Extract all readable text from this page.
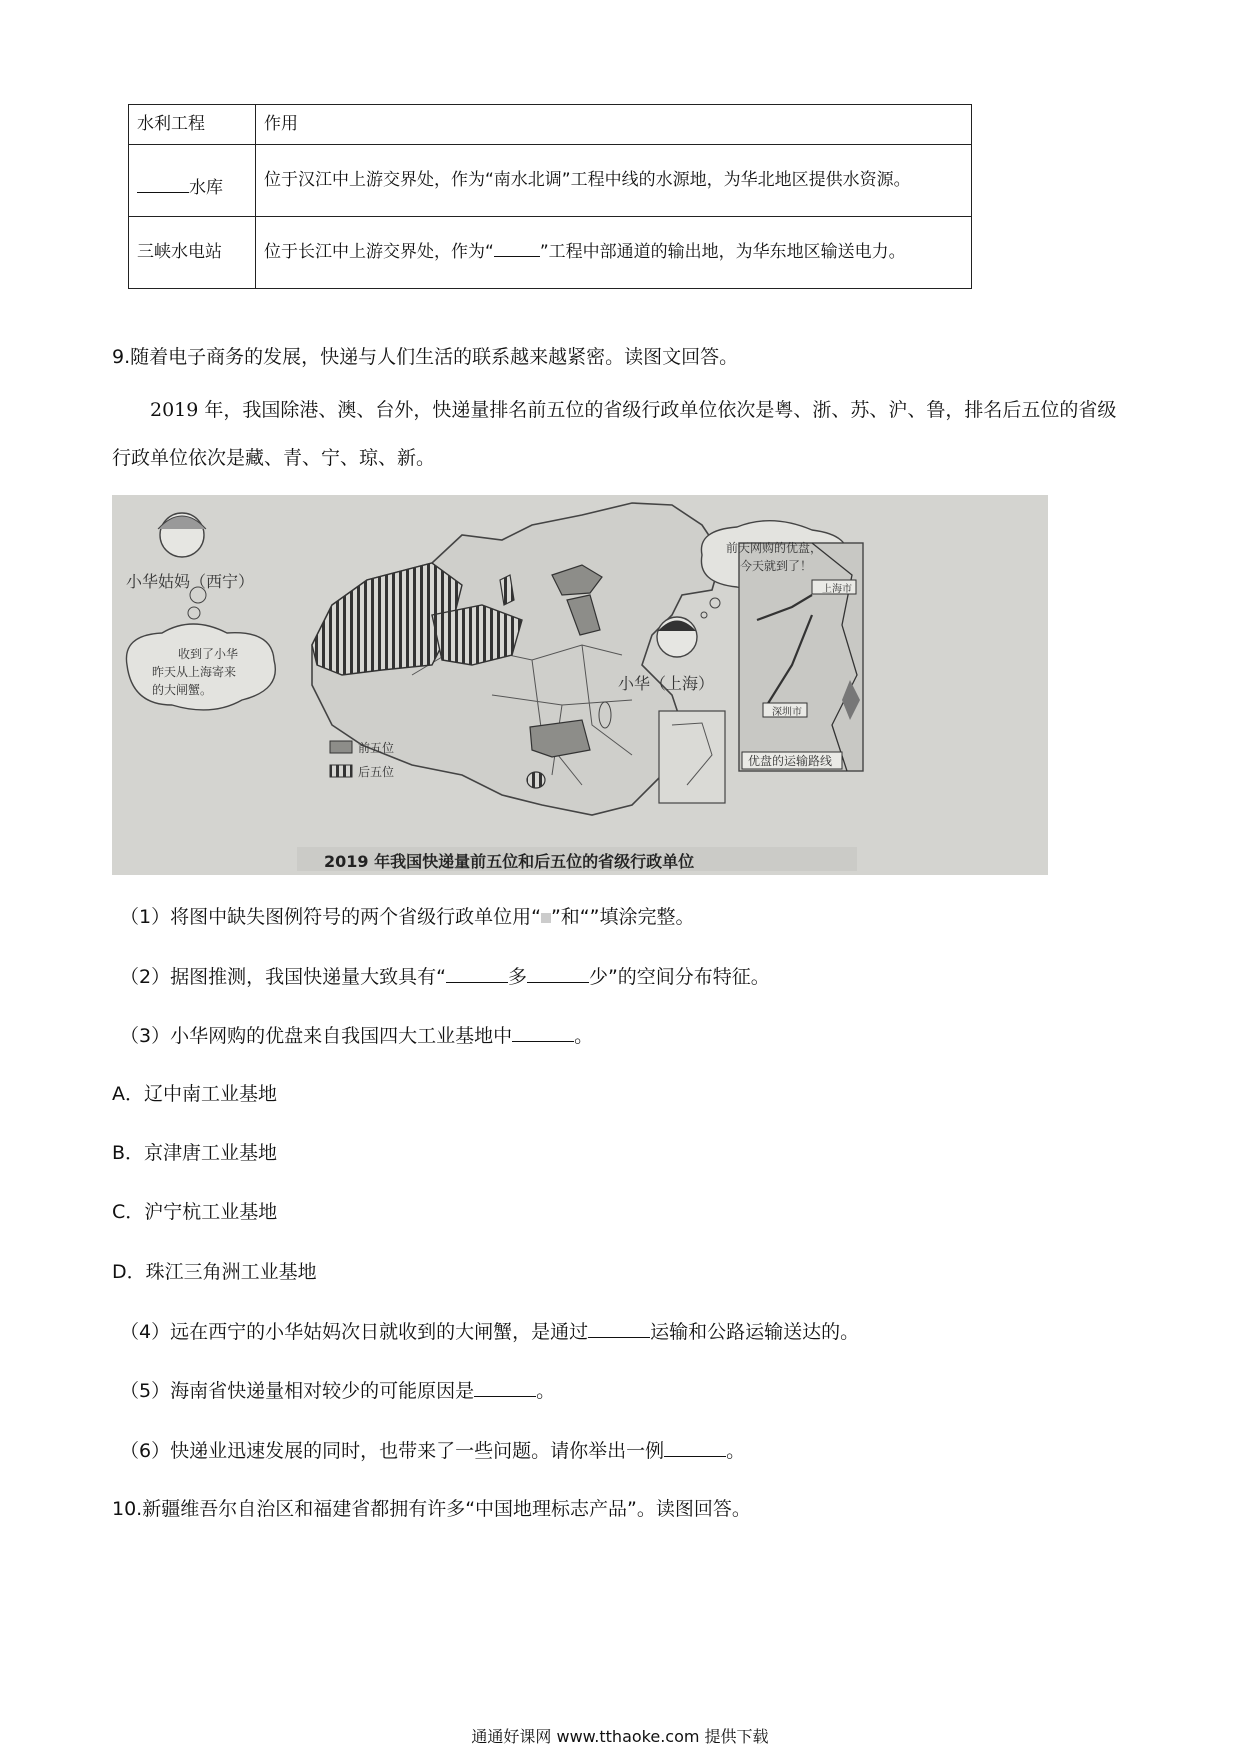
水利工程	作用
水库	位于汉江中上游交界处，作为“南水北调”工程中线的水源地，为华北地区提供水资源。
三峡水电站	位于长江中上游交界处，作为“ ”工程中部通道的输出地，为华东地区输送电力。
9.随着电子商务的发展，快递与人们生活的联系越来越紧密。读图文回答。
2019 年，我国除港、澳、台外，快递量排名前五位的省级行政单位依次是粤、浙、苏、沪、鲁，排名后五位的省级行政单位依次是藏、青、宁、琼、新。
小华姑妈（西宁）
收到了小华
昨天从上海寄来
的大闸蟹。	小华（上海）
前天网购的优盘，
今天就到了！
前五位
后五位
上海市
深圳市
优盘的运输路线
2019 年我国快递量前五位和后五位的省级行政单位
（1）将图中缺失图例符号的两个省级行政单位用“ ”和“”填涂完整。
（2）据图推测，我国快递量大致具有“	多	少”的空间分布特征。
（3）小华网购的优盘来自我国四大工业基地中	。
A．辽中南工业基地
B．京津唐工业基地
C．沪宁杭工业基地
D．珠江三角洲工业基地
（4）远在西宁的小华姑妈次日就收到的大闸蟹，是通过	运输和公路运输送达的。
（5）海南省快递量相对较少的可能原因是	。
（6）快递业迅速发展的同时，也带来了一些问题。请你举出一例	。
10.新疆维吾尔自治区和福建省都拥有许多“中国地理标志产品”。读图回答。
通通好课网 www.tthaoke.com 提供下载
